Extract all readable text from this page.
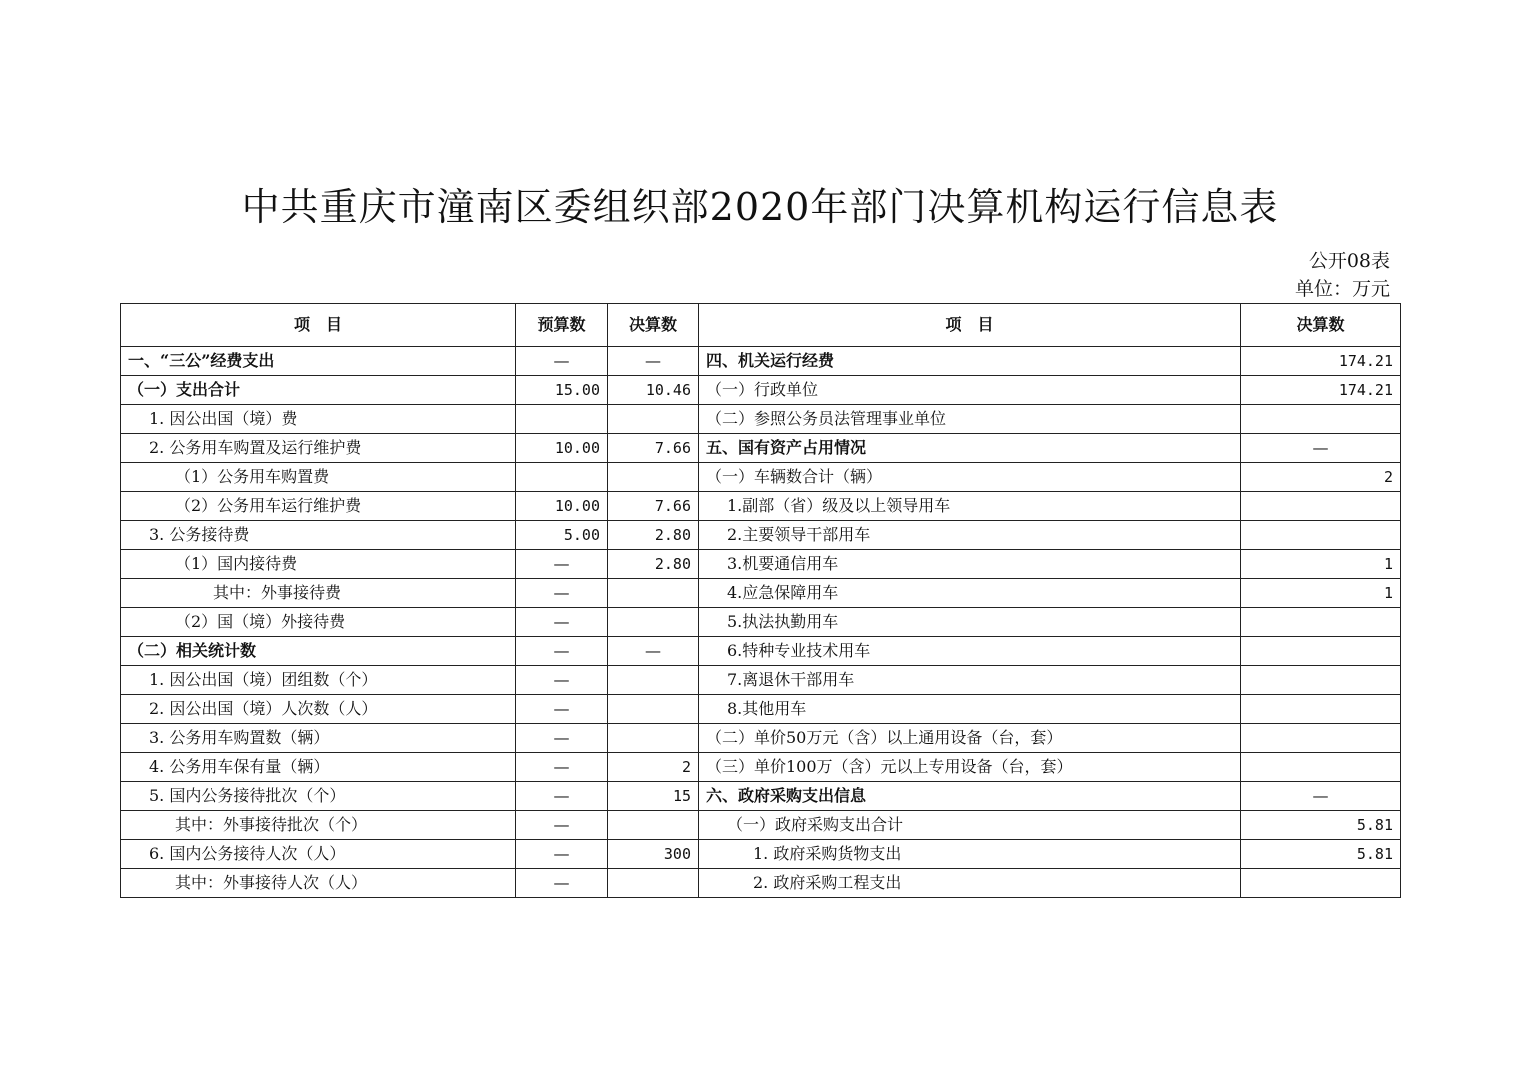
中共重庆市潼南区委组织部2020年部门决算机构运行信息表
公开08表
单位：万元
项　目	预算数	决算数	项　目	决算数
一、“三公”经费支出	—	—	四、机关运行经费	174.21
（一）支出合计	15.00	10.46	（一）行政单位	174.21
1. 因公出国（境）费			（二）参照公务员法管理事业单位	
2. 公务用车购置及运行维护费	10.00	7.66	五、国有资产占用情况	—
（1）公务用车购置费			（一）车辆数合计（辆）	2
（2）公务用车运行维护费	10.00	7.66	1.副部（省）级及以上领导用车	
3. 公务接待费	5.00	2.80	2.主要领导干部用车	
（1）国内接待费	—	2.80	3.机要通信用车	1
其中：外事接待费	—		4.应急保障用车	1
（2）国（境）外接待费	—		5.执法执勤用车	
（二）相关统计数	—	—	6.特种专业技术用车	
1. 因公出国（境）团组数（个）	—		7.离退休干部用车	
2. 因公出国（境）人次数（人）	—		8.其他用车	
3. 公务用车购置数（辆）	—		（二）单价50万元（含）以上通用设备（台，套）	
4. 公务用车保有量（辆）	—	2	（三）单价100万（含）元以上专用设备（台，套）	
5. 国内公务接待批次（个）	—	15	六、政府采购支出信息	—
其中：外事接待批次（个）	—		（一）政府采购支出合计	5.81
6. 国内公务接待人次（人）	—	300	1. 政府采购货物支出	5.81
其中：外事接待人次（人）	—		2. 政府采购工程支出	
